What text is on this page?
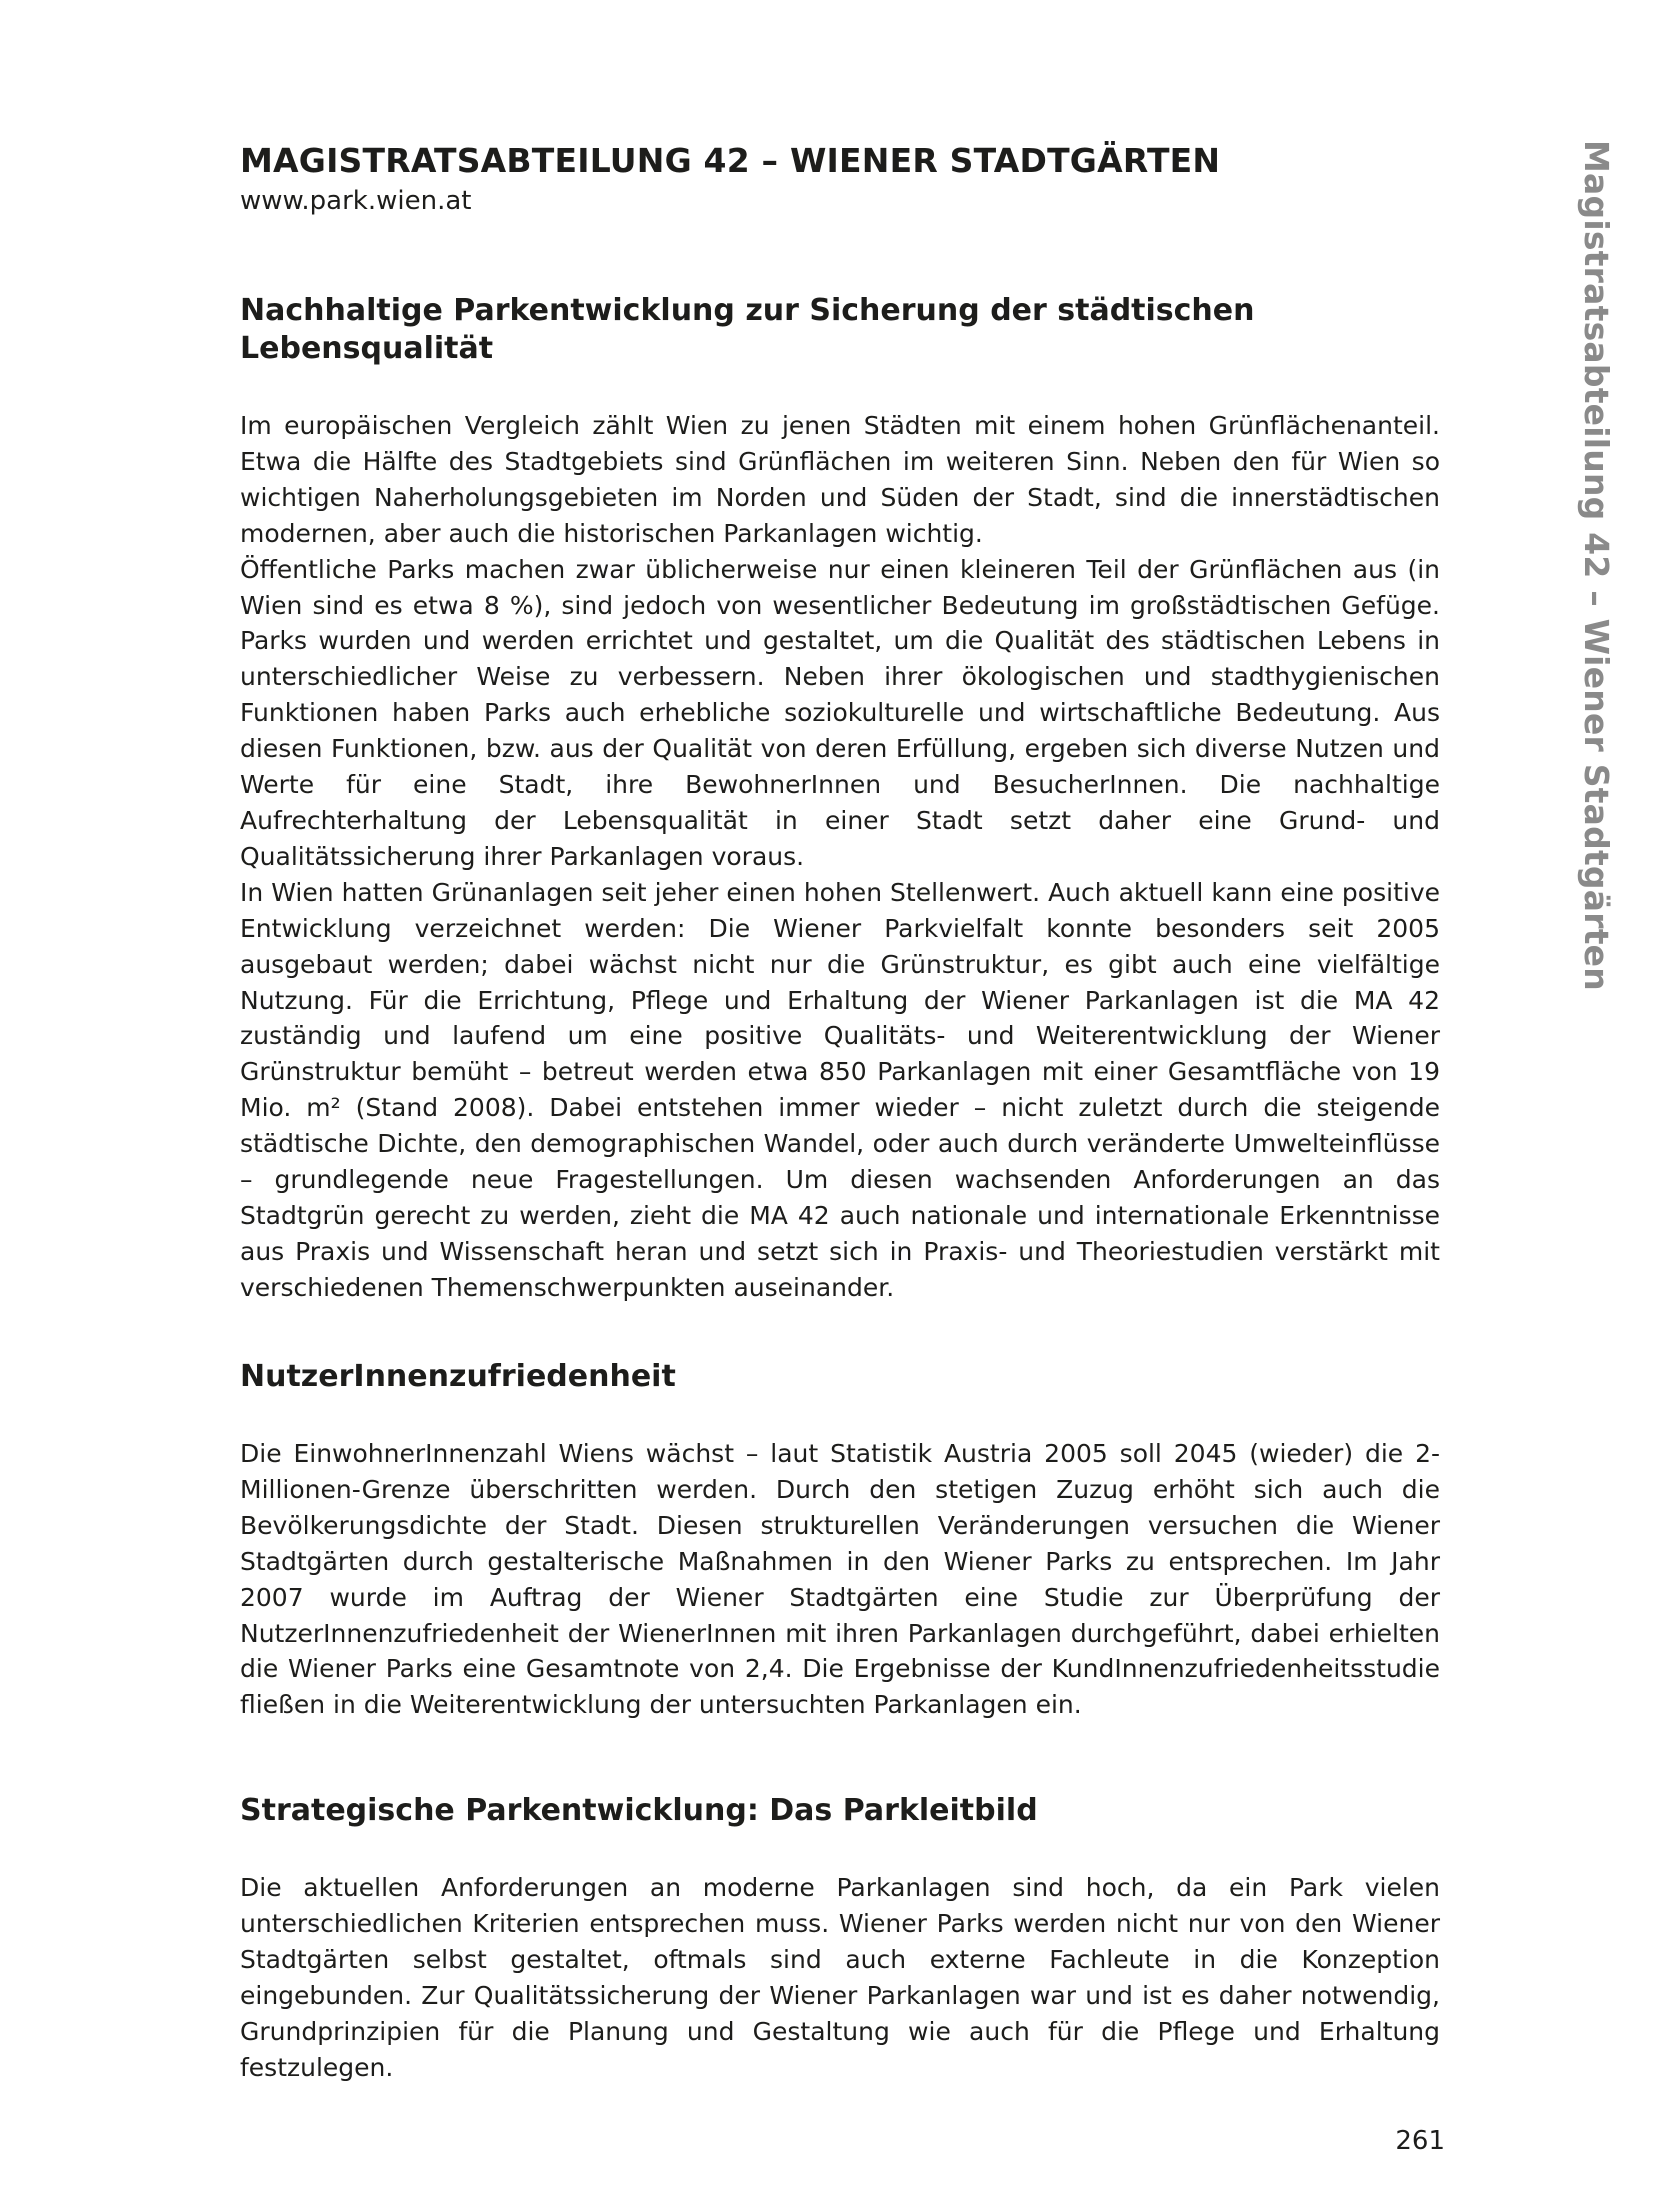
MAGISTRATSABTEILUNG 42 – WIENER STADTGÄRTEN
www.park.wien.at
Nachhaltige Parkentwicklung zur Sicherung der städtischen Lebensqualität

Im europäischen Vergleich zählt Wien zu jenen Städten mit einem hohen Grünflächenanteil. Etwa die Hälfte des Stadtgebiets sind Grünflächen im weiteren Sinn. Neben den für Wien so wichtigen Naherholungsgebieten im Norden und Süden der Stadt, sind die innerstädtischen modernen, aber auch die historischen Parkanlagen wichtig.

Öffentliche Parks machen zwar üblicherweise nur einen kleineren Teil der Grünflächen aus (in Wien sind es etwa 8 %), sind jedoch von wesentlicher Bedeutung im großstädtischen Gefüge. Parks wurden und werden errichtet und gestaltet, um die Qualität des städtischen Lebens in unterschiedlicher Weise zu verbessern. Neben ihrer ökologischen und stadthygienischen Funktionen haben Parks auch erhebliche soziokulturelle und wirtschaftliche Bedeutung. Aus diesen Funktionen, bzw. aus der Qualität von deren Erfüllung, ergeben sich diverse Nutzen und Werte für eine Stadt, ihre BewohnerInnen und BesucherInnen. Die nachhaltige Aufrechterhaltung der Lebensqualität in einer Stadt setzt daher eine Grund- und Qualitätssicherung ihrer Parkanlagen voraus.

In Wien hatten Grünanlagen seit jeher einen hohen Stellenwert. Auch aktuell kann eine positive Entwicklung verzeichnet werden: Die Wiener Parkvielfalt konnte besonders seit 2005 ausgebaut werden; dabei wächst nicht nur die Grünstruktur, es gibt auch eine vielfältige Nutzung. Für die Errichtung, Pflege und Erhaltung der Wiener Parkanlagen ist die MA 42 zuständig und laufend um eine positive Qualitäts- und Weiterentwicklung der Wiener Grünstruktur bemüht – betreut werden etwa 850 Parkanlagen mit einer Gesamtfläche von 19 Mio. m² (Stand 2008). Dabei entstehen immer wieder – nicht zuletzt durch die steigende städtische Dichte, den demographischen Wandel, oder auch durch veränderte Umwelteinflüsse – grundlegende neue Fragestellungen. Um diesen wachsenden Anforderungen an das Stadtgrün gerecht zu werden, zieht die MA 42 auch nationale und internationale Erkenntnisse aus Praxis und Wissenschaft heran und setzt sich in Praxis- und Theoriestudien verstärkt mit verschiedenen Themenschwerpunkten auseinander.

NutzerInnenzufriedenheit

Die EinwohnerInnenzahl Wiens wächst – laut Statistik Austria 2005 soll 2045 (wieder) die 2-Millionen-Grenze überschritten werden. Durch den stetigen Zuzug erhöht sich auch die Bevölkerungsdichte der Stadt. Diesen strukturellen Veränderungen versuchen die Wiener Stadtgärten durch gestalterische Maßnahmen in den Wiener Parks zu entsprechen. Im Jahr 2007 wurde im Auftrag der Wiener Stadtgärten eine Studie zur Überprüfung der NutzerInnenzufriedenheit der WienerInnen mit ihren Parkanlagen durchgeführt, dabei erhielten die Wiener Parks eine Gesamtnote von 2,4. Die Ergebnisse der KundInnenzufriedenheitsstudie fließen in die Weiterentwicklung der untersuchten Parkanlagen ein.

Strategische Parkentwicklung: Das Parkleitbild

Die aktuellen Anforderungen an moderne Parkanlagen sind hoch, da ein Park vielen unterschiedlichen Kriterien entsprechen muss. Wiener Parks werden nicht nur von den Wiener Stadtgärten selbst gestaltet, oftmals sind auch externe Fachleute in die Konzeption eingebunden. Zur Qualitätssicherung der Wiener Parkanlagen war und ist es daher notwendig, Grundprinzipien für die Planung und Gestaltung wie auch für die Pflege und Erhaltung festzulegen.

Magistratsabteilung 42 – Wiener Stadtgärten
261
